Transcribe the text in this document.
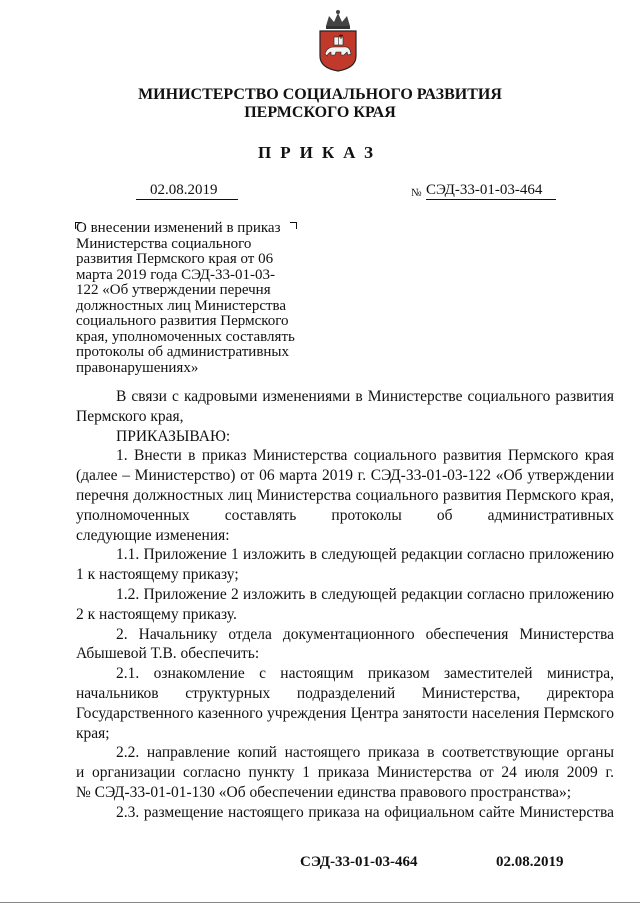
МИНИСТЕРСТВО СОЦИАЛЬНОГО РАЗВИТИЯ
ПЕРМСКОГО КРАЯ
ПРИКАЗ
02.08.2019	№ СЭД-33-01-03-464
О внесении изменений в приказ
Министерства социального
развития Пермского края от 06
марта 2019 года СЭД-33-01-03-
122 «Об утверждении перечня
должностных лиц Министерства
социального развития Пермского
края, уполномоченных составлять
протоколы об административных
правонарушениях»
В связи с кадровыми изменениями в Министерстве социального развития
Пермского края,
ПРИКАЗЫВАЮ:
1. Внести в приказ Министерства социального развития Пермского края
(далее – Министерство) от 06 марта 2019 г. СЭД-33-01-03-122 «Об утверждении
перечня должностных лиц Министерства социального развития Пермского края,
уполномоченных составлять протоколы об административных
следующие изменения:
1.1. Приложение 1 изложить в следующей редакции согласно приложению
1 к настоящему приказу;
1.2. Приложение 2 изложить в следующей редакции согласно приложению
2 к настоящему приказу.
2. Начальнику отдела документационного обеспечения Министерства
Абышевой Т.В. обеспечить:
2.1. ознакомление с настоящим приказом заместителей министра,
начальников структурных подразделений Министерства, директора
Государственного казенного учреждения Центра занятости населения Пермского
края;
2.2. направление копий настоящего приказа в соответствующие органы
и организации согласно пункту 1 приказа Министерства от 24 июля 2009 г.
№ СЭД-33-01-01-130 «Об обеспечении единства правового пространства»;
2.3. размещение настоящего приказа на официальном сайте Министерства
СЭД-33-01-03-464	02.08.2019
